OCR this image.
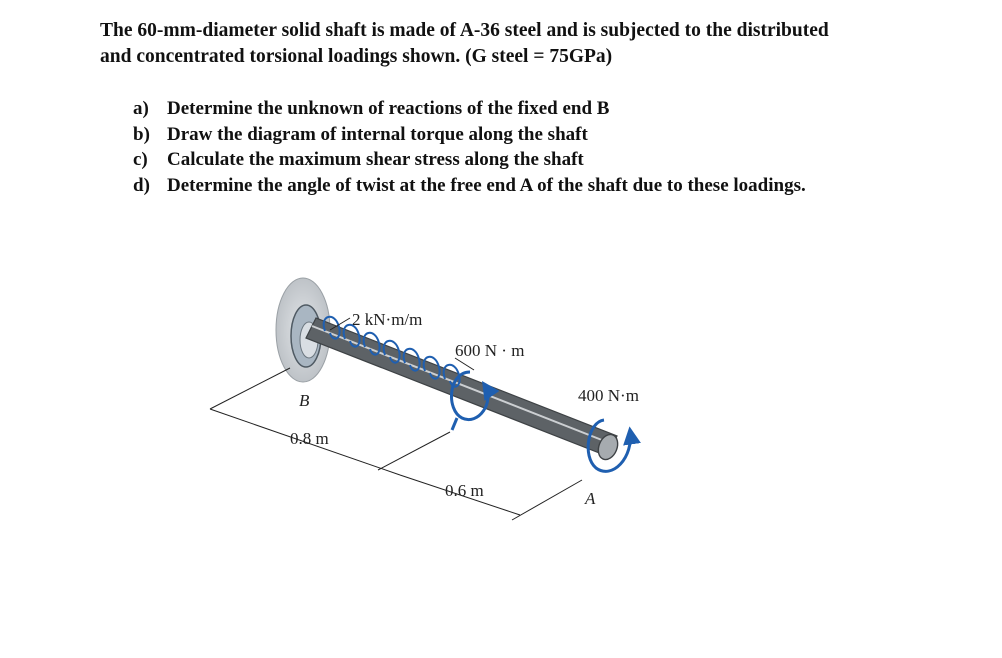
The 60-mm-diameter solid shaft is made of A-36 steel and is subjected to the distributed
and concentrated torsional loadings shown. (G steel = 75GPa)
a) Determine the unknown of reactions of the fixed end B
b) Draw the diagram of internal torque along the shaft
c) Calculate the maximum shear stress along the shaft
d) Determine the angle of twist at the free end A of the shaft due to these loadings.
2 kN·m/m
600 N · m
400 N·m
B
A
0.8 m
0.6 m
